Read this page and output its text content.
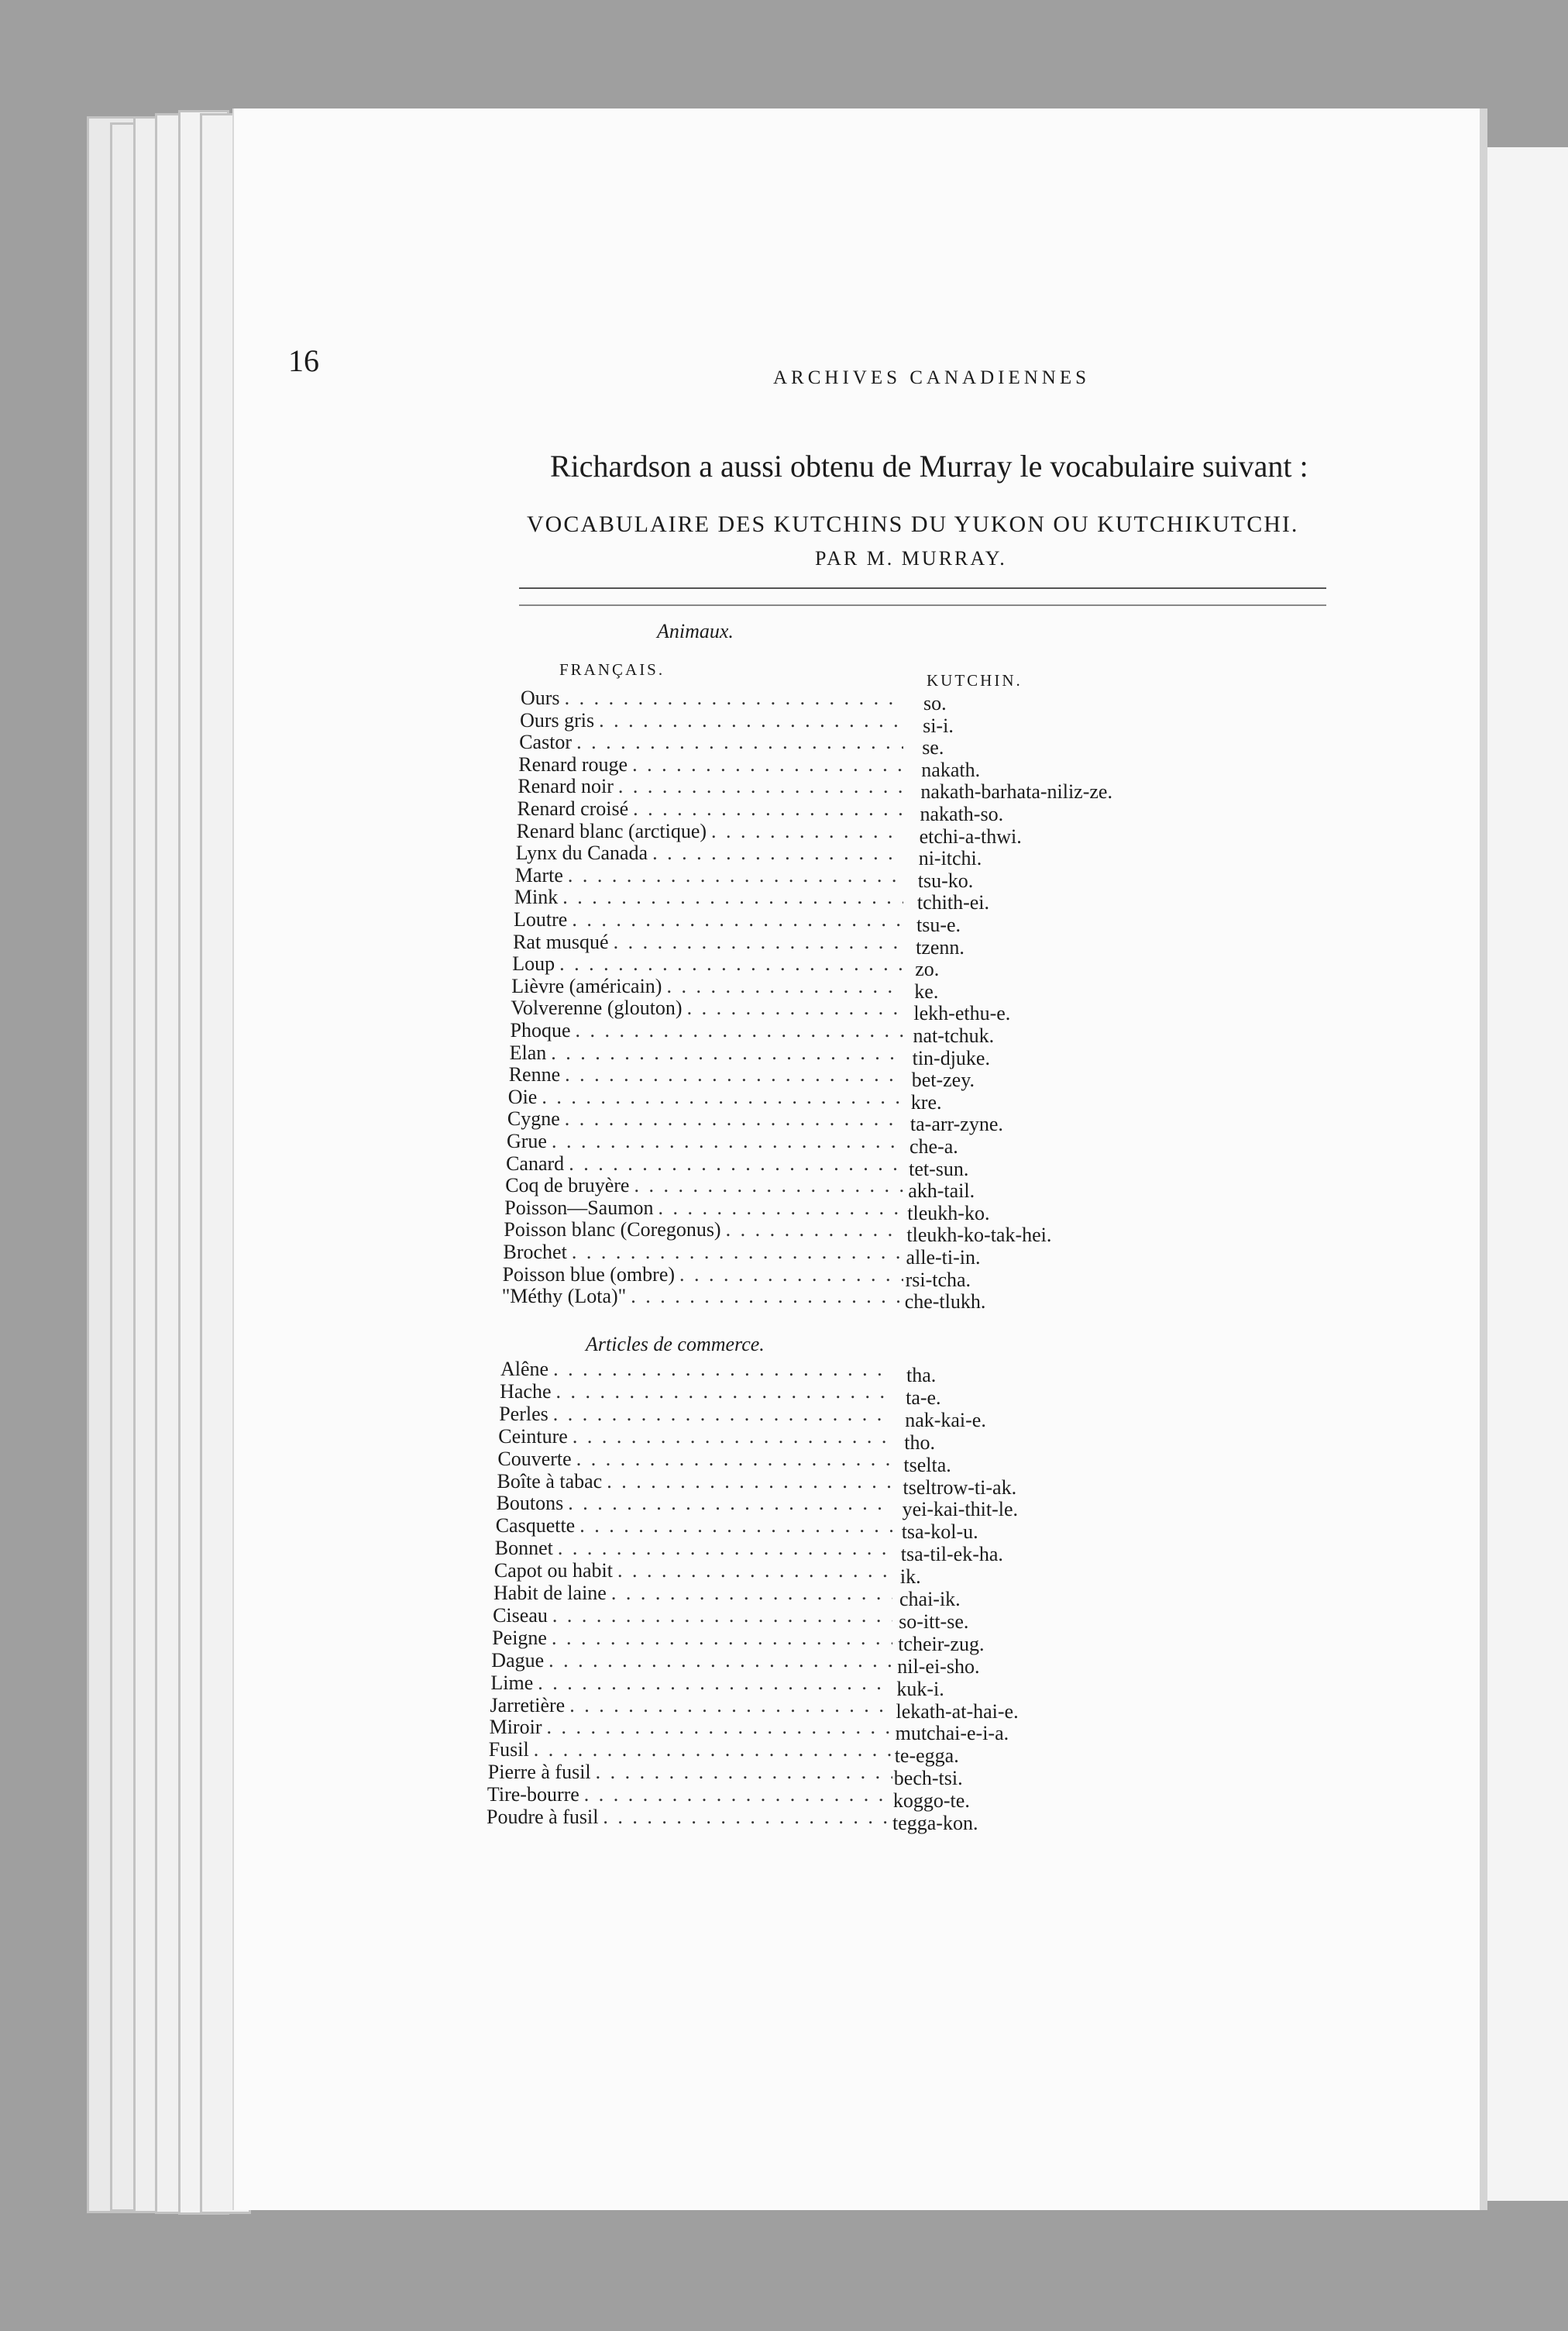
16	ARCHIVES CANADIENNES
Richardson a aussi obtenu de Murray le vocabulaire suivant :
VOCABULAIRE DES KUTCHINS DU YUKON OU KUTCHIKUTCHI.
PAR M. MURRAY.
Animaux.
FRANÇAIS.
KUTCHIN.
Ours . . .	so.
Ours gris . . .	si-i.
Castor . . .	se.
Renard rouge . . .	nakath.
Renard noir . . .	nakath-barhata-niliz-ze.
Renard croisé . . .	nakath-so.
Renard blanc (arctique) . . .	etchi-a-thwi.
Lynx du Canada . . .	ni-itchi.
Marte . . .	tsu-ko.
Mink . . .	tchith-ei.
Loutre . . .	tsu-e.
Rat musqué . . .	tzenn.
Loup . . .	zo.
Lièvre (américain) . . .	ke.
Volverenne (glouton) . . .	lekh-ethu-e.
Phoque . . .	nat-tchuk.
Elan . . .	tin-djuke.
Renne . . .	bet-zey.
Oie . . .	kre.
Cygne . . .	ta-arr-zyne.
Grue . . .	che-a.
Canard . . .	tet-sun.
Coq de bruyère . . .	akh-tail.
Poisson—Saumon . . .	tleukh-ko.
Poisson blanc (Coregonus) . . .	tleukh-ko-tak-hei.
Brochet . . .	alle-ti-in.
Poisson blue (ombre) . . .	rsi-tcha.
"Méthy (Lota)" . . .	che-tlukh.
Articles de commerce.
Alêne . . .	tha.
Hache . . .	ta-e.
Perles . . .	nak-kai-e.
Ceinture . . .	tho.
Couverte . . .	tselta.
Boîte à tabac . . .	tseltrow-ti-ak.
Boutons . . .	yei-kai-thit-le.
Casquette . . .	tsa-kol-u.
Bonnet . . .	tsa-til-ek-ha.
Capot ou habit . . .	ik.
Habit de laine . . .	chai-ik.
Ciseau . . .	so-itt-se.
Peigne . . .	tcheir-zug.
Dague . . .	nil-ei-sho.
Lime . . .	kuk-i.
Jarretière . . .	lekath-at-hai-e.
Miroir . . .	mutchai-e-i-a.
Fusil . . .	te-egga.
Pierre à fusil . . .	bech-tsi.
Tire-bourre . . .	koggo-te.
Poudre à fusil . . .	tegga-kon.
